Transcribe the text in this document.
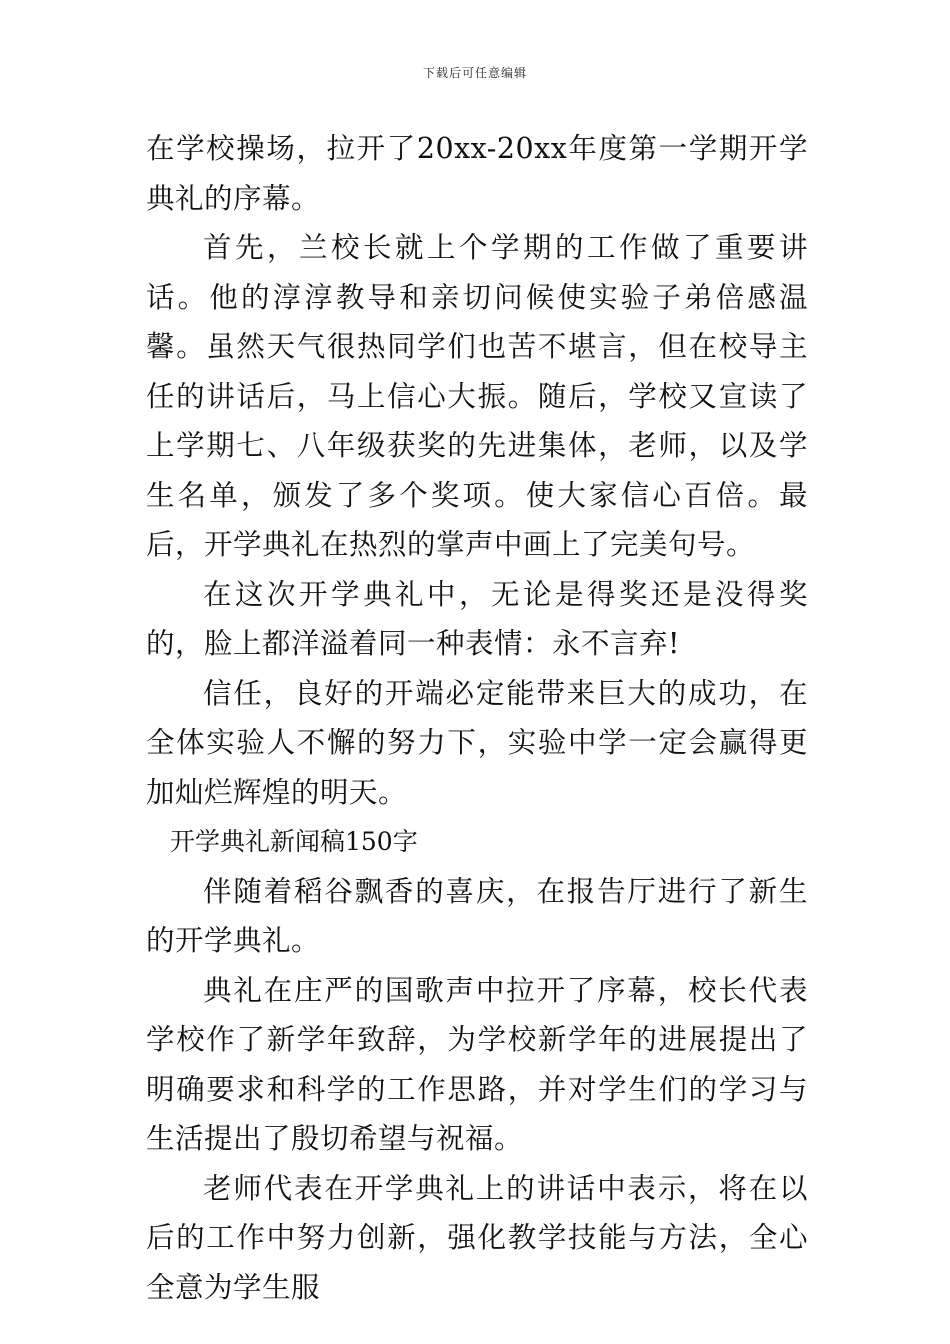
下载后可任意编辑

在学校操场，拉开了20xx-20xx年度第一学期开学典礼的序幕。

首先，兰校长就上个学期的工作做了重要讲话。他的淳淳教导和亲切问候使实验子弟倍感温馨。虽然天气很热同学们也苦不堪言，但在校导主任的讲话后，马上信心大振。随后，学校又宣读了上学期七、八年级获奖的先进集体，老师，以及学生名单，颁发了多个奖项。使大家信心百倍。最后，开学典礼在热烈的掌声中画上了完美句号。

在这次开学典礼中，无论是得奖还是没得奖的，脸上都洋溢着同一种表情：永不言弃!

信任，良好的开端必定能带来巨大的成功，在全体实验人不懈的努力下，实验中学一定会赢得更加灿烂辉煌的明天。

开学典礼新闻稿150字

伴随着稻谷飘香的喜庆，在报告厅进行了新生的开学典礼。

典礼在庄严的国歌声中拉开了序幕，校长代表学校作了新学年致辞，为学校新学年的进展提出了明确要求和科学的工作思路，并对学生们的学习与生活提出了殷切希望与祝福。

老师代表在开学典礼上的讲话中表示，将在以后的工作中努力创新，强化教学技能与方法，全心全意为学生服
